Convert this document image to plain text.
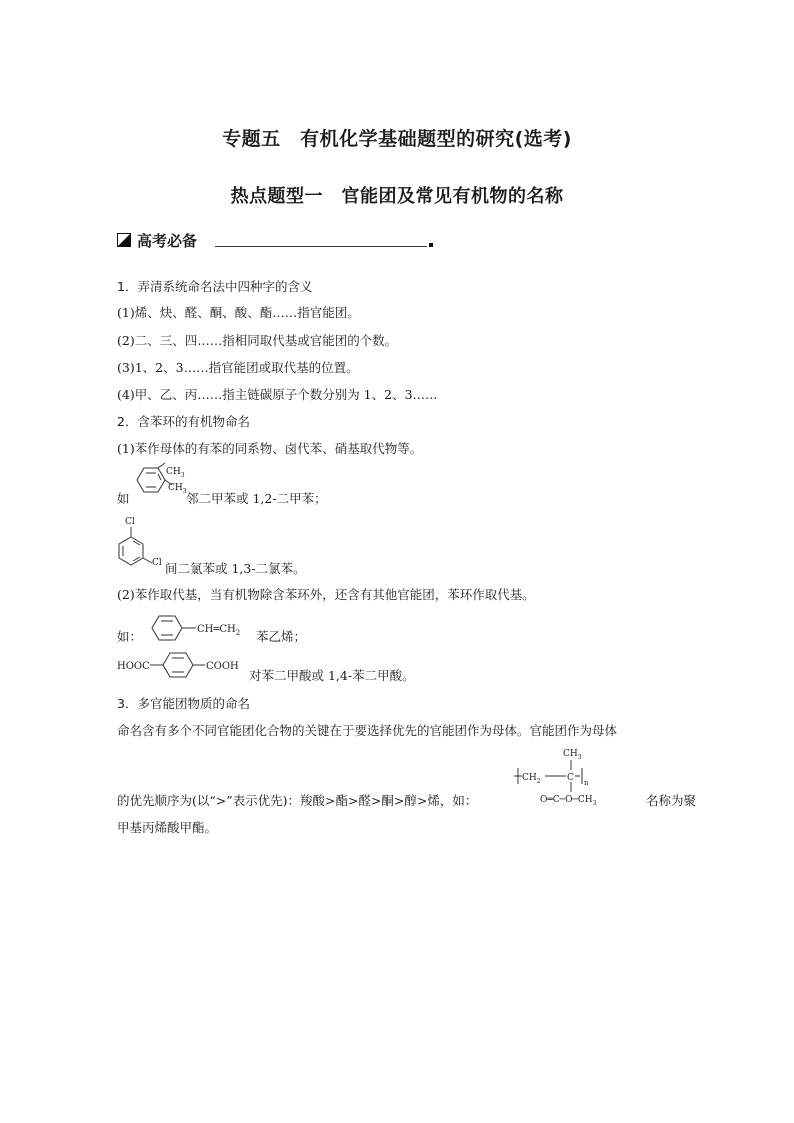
专题五　有机化学基础题型的研究(选考)
热点题型一　官能团及常见有机物的名称
高考必备
1．弄清系统命名法中四种字的含义
(1)烯、炔、醛、酮、酸、酯……指官能团。
(2)二、三、四……指相同取代基或官能团的个数。
(3)1、2、3……指官能团或取代基的位置。
(4)甲、乙、丙……指主链碳原子个数分别为 1、2、3……
2．含苯环的有机物命名
(1)苯作母体的有苯的同系物、卤代苯、硝基取代物等。
如
$CH_3$
$CH_3$ 邻二甲苯或 1,2-二甲苯；
Cl
Cl 间二氯苯或 1,3-二氯苯。
(2)苯作取代基，当有机物除含苯环外，还含有其他官能团，苯环作取代基。
如：	$CH═CH_2$ 苯乙烯；
HOOC	COOH
对苯二甲酸或 1,4-苯二甲酸。
3．多官能团物质的命名
命名含有多个不同官能团化合物的关键在于要选择优先的官能团作为母体。官能团作为母体
的优先顺序为(以“>”表示优先)：羧酸>酯>醛>酮>醇>烯，如：
$CH_3$
$CH_2$	C n
$O═C─O─CH_3$	名称为聚
甲基丙烯酸甲酯。
